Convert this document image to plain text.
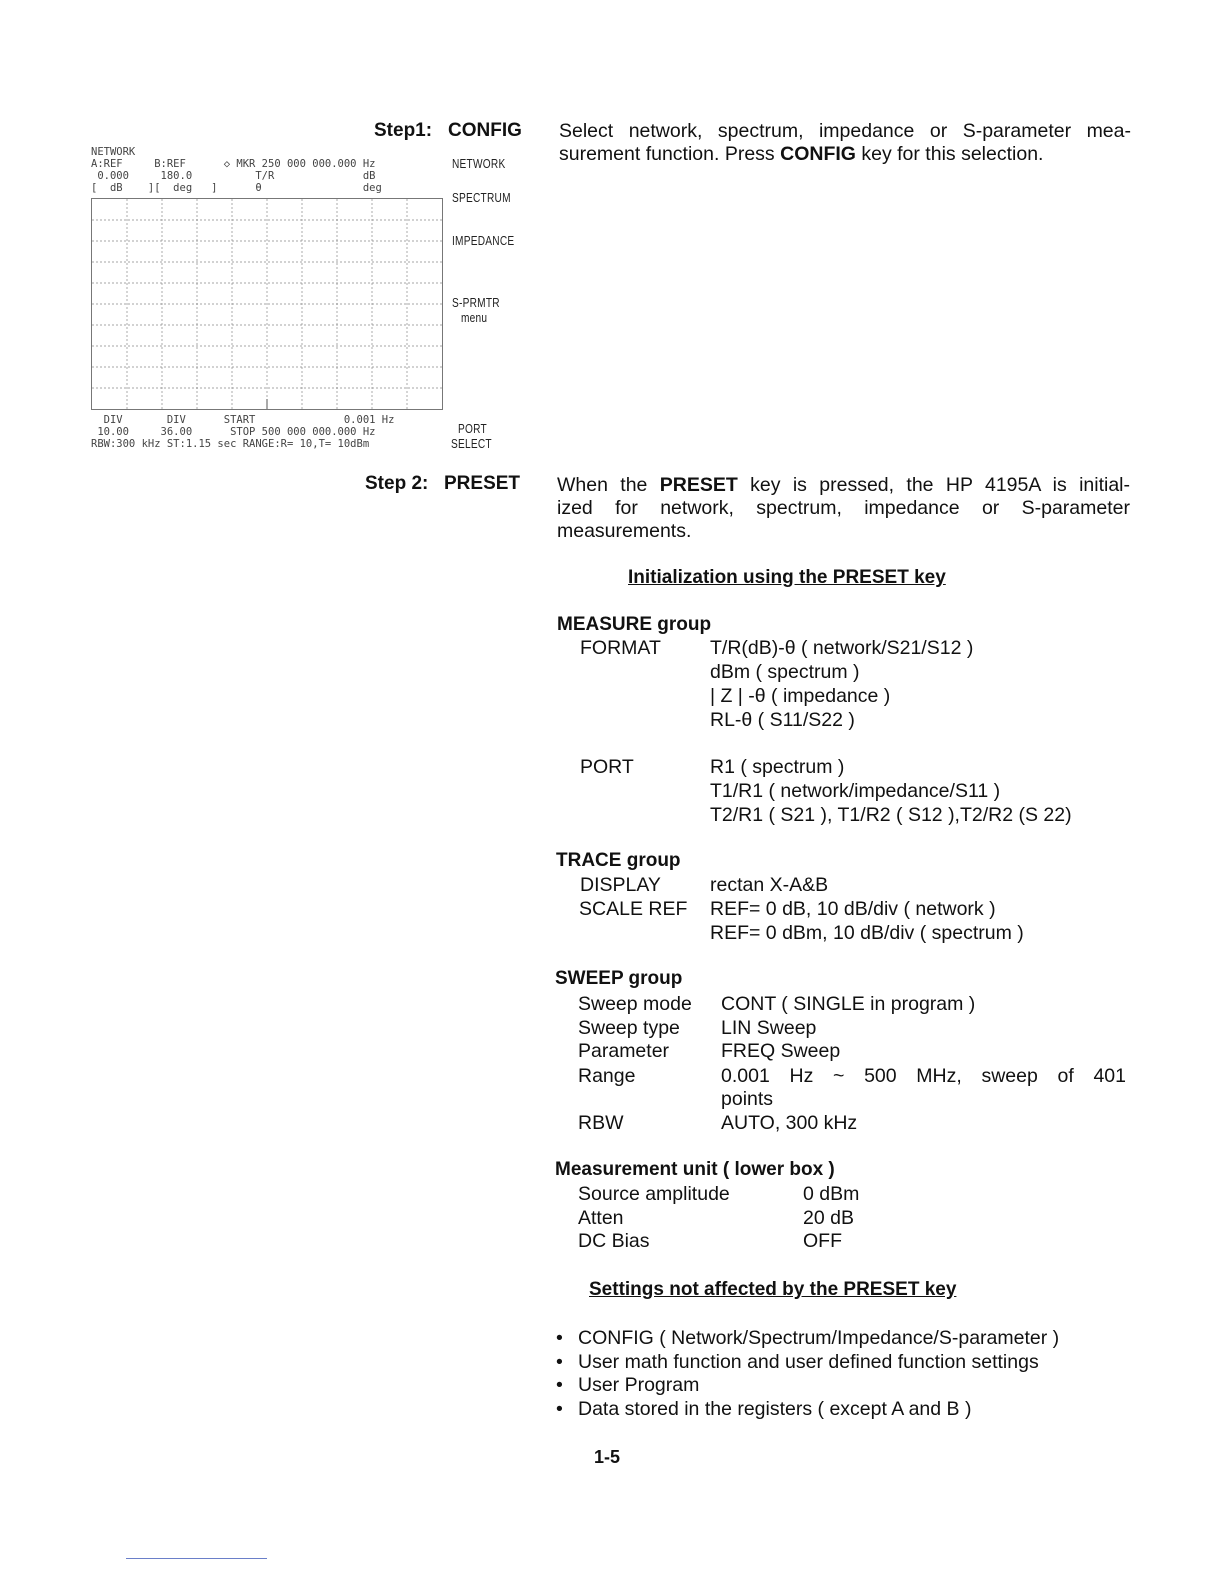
Step1: CONFIG Select network, spectrum, impedance or S-parameter mea-
surement function. Press CONFIG key for this selection.
NETWORK
A:REF     B:REF      ◇ MKR 250 000 000.000 Hz
0.000     180.0          T/R              dB
[  dB    ][  deg   ]      θ                deg
DIV       DIV      START              0.001 Hz
10.00     36.00      STOP 500 000 000.000 Hz
RBW:300 kHz ST:1.15 sec RANGE:R= 10,T= 10dBm
NETWORK
SPECTRUM
IMPEDANCE
S-PRMTR
menu
PORT
SELECT
Step 2: PRESET When the PRESET key is pressed, the HP 4195A is initial-
ized for network, spectrum, impedance or S-parameter
measurements.
Initialization using the PRESET key
MEASURE group
FORMAT	T/R(dB)-θ ( network/S21/S12 )
dBm ( spectrum )
| Z | -θ ( impedance )
RL-θ ( S11/S22 )
PORT	R1 ( spectrum )
T1/R1 ( network/impedance/S11 )
T2/R1 ( S21 ), T1/R2 ( S12 ),T2/R2 (S 22)
TRACE group
DISPLAY	rectan X-A&B
SCALE REF REF= 0 dB, 10 dB/div ( network )
REF= 0 dBm, 10 dB/div ( spectrum )
SWEEP group
Sweep mode CONT ( SINGLE in program )
Sweep type LIN Sweep
Parameter	FREQ Sweep
Range	0.001 Hz ~ 500 MHz, sweep of 401
points
RBW	AUTO, 300 kHz
Measurement unit ( lower box )
Source amplitude	0 dBm
Atten	20 dB
DC Bias	OFF
Settings not affected by the PRESET key
• CONFIG ( Network/Spectrum/Impedance/S-parameter )
• User math function and user defined function settings
• User Program
• Data stored in the registers ( except A and B )
1-5
